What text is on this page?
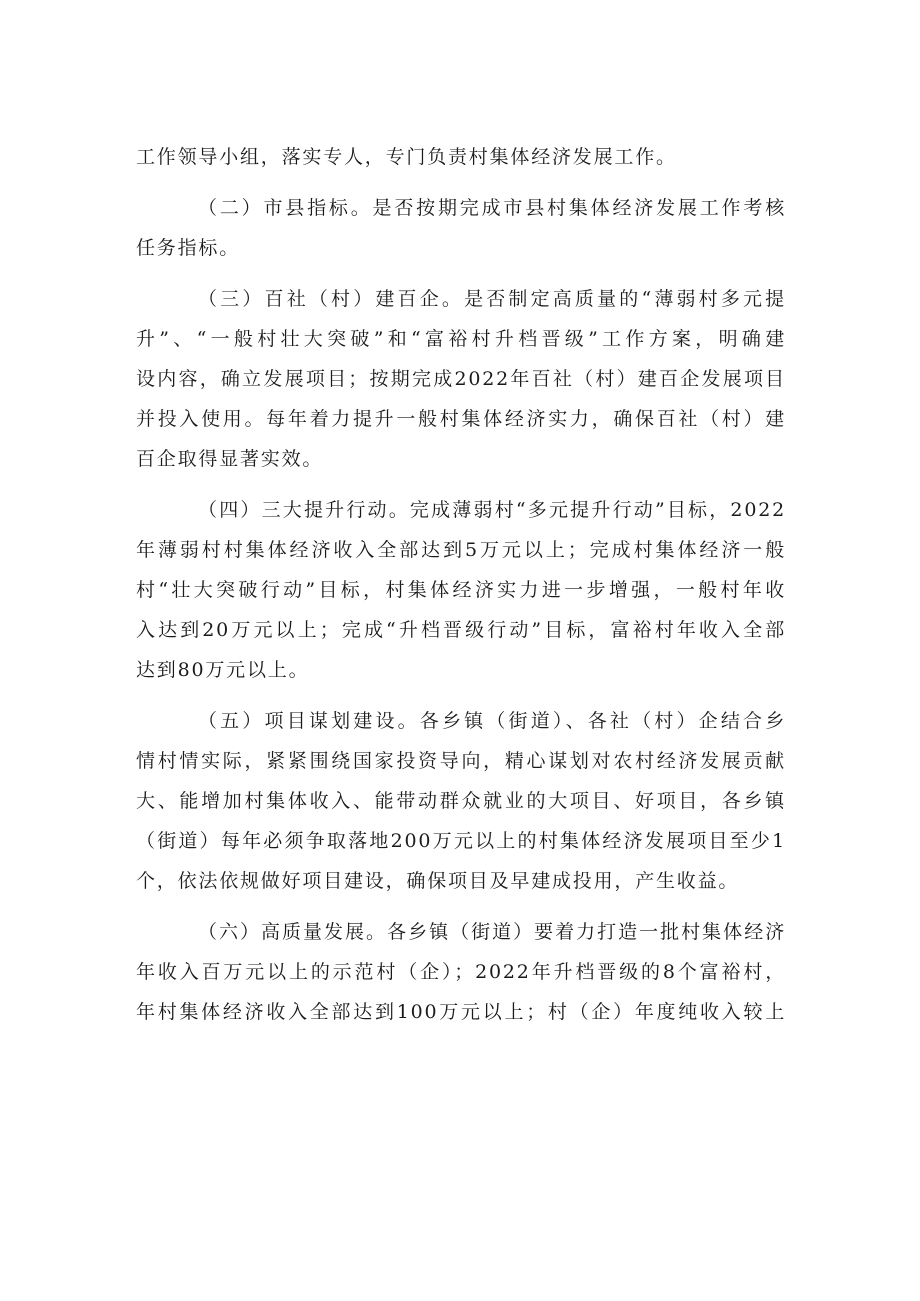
工作领导小组，落实专人，专门负责村集体经济发展工作。
（二）市县指标。是否按期完成市县村集体经济发展工作考核
任务指标。
（三）百社（村）建百企。是否制定高质量的“薄弱村多元提
升”、“一般村壮大突破”和“富裕村升档晋级”工作方案，明确建
设内容，确立发展项目；按期完成2022年百社（村）建百企发展项目
并投入使用。每年着力提升一般村集体经济实力，确保百社（村）建
百企取得显著实效。
（四）三大提升行动。完成薄弱村“多元提升行动”目标，2022
年薄弱村村集体经济收入全部达到5万元以上；完成村集体经济一般
村“壮大突破行动”目标，村集体经济实力进一步增强，一般村年收
入达到20万元以上；完成“升档晋级行动”目标，富裕村年收入全部
达到80万元以上。
（五）项目谋划建设。各乡镇（街道）、各社（村）企结合乡
情村情实际，紧紧围绕国家投资导向，精心谋划对农村经济发展贡献
大、能增加村集体收入、能带动群众就业的大项目、好项目，各乡镇
（街道）每年必须争取落地200万元以上的村集体经济发展项目至少1
个，依法依规做好项目建设，确保项目及早建成投用，产生收益。
（六）高质量发展。各乡镇（街道）要着力打造一批村集体经济
年收入百万元以上的示范村（企）；2022年升档晋级的8个富裕村，
年村集体经济收入全部达到100万元以上；村（企）年度纯收入较上
